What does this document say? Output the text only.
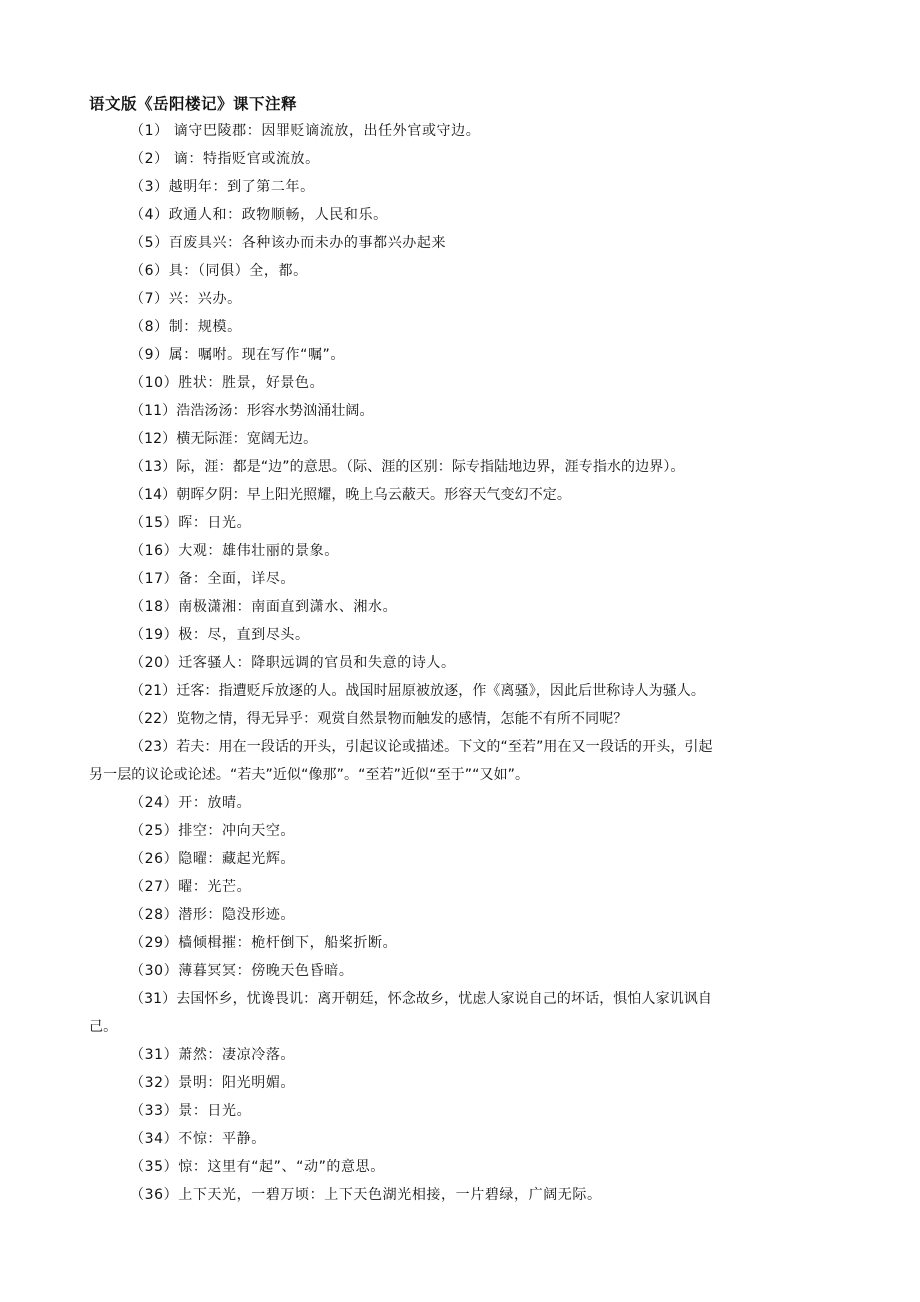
语文版《岳阳楼记》课下注释
（1） 谪守巴陵郡：因罪贬谪流放，出任外官或守边。
（2） 谪：特指贬官或流放。
（3）越明年：到了第二年。
（4）政通人和：政物顺畅，人民和乐。
（5）百废具兴：各种该办而未办的事都兴办起来
（6）具：（同俱）全，都。
（7）兴：兴办。
（8）制：规模。
（9）属：嘱咐。现在写作“嘱”。
（10）胜状：胜景，好景色。
（11）浩浩汤汤：形容水势汹涌壮阔。
（12）横无际涯：宽阔无边。
（13）际，涯：都是“边”的意思。（际、涯的区别：际专指陆地边界，涯专指水的边界）。
（14）朝晖夕阴：早上阳光照耀，晚上乌云蔽天。形容天气变幻不定。
（15）晖：日光。
（16）大观：雄伟壮丽的景象。
（17）备：全面，详尽。
（18）南极潇湘：南面直到潇水、湘水。
（19）极：尽，直到尽头。
（20）迁客骚人：降职远调的官员和失意的诗人。
（21）迁客：指遭贬斥放逐的人。战国时屈原被放逐，作《离骚》，因此后世称诗人为骚人。
（22）览物之情，得无异乎：观赏自然景物而触发的感情，怎能不有所不同呢？
（23）若夫：用在一段话的开头，引起议论或描述。下文的“至若”用在又一段话的开头，引起
另一层的议论或论述。“若夫”近似“像那”。“至若”近似“至于”“又如”。
（24）开：放晴。
（25）排空：冲向天空。
（26）隐曜：藏起光辉。
（27）曜：光芒。
（28）潜形：隐没形迹。
（29）樯倾楫摧：桅杆倒下，船桨折断。
（30）薄暮冥冥：傍晚天色昏暗。
（31）去国怀乡，忧谗畏讥：离开朝廷，怀念故乡，忧虑人家说自己的坏话，惧怕人家讥讽自
己。
（31）萧然：凄凉冷落。
（32）景明：阳光明媚。
（33）景：日光。
（34）不惊：平静。
（35）惊：这里有“起”、“动”的意思。
（36）上下天光，一碧万顷：上下天色湖光相接，一片碧绿，广阔无际。
